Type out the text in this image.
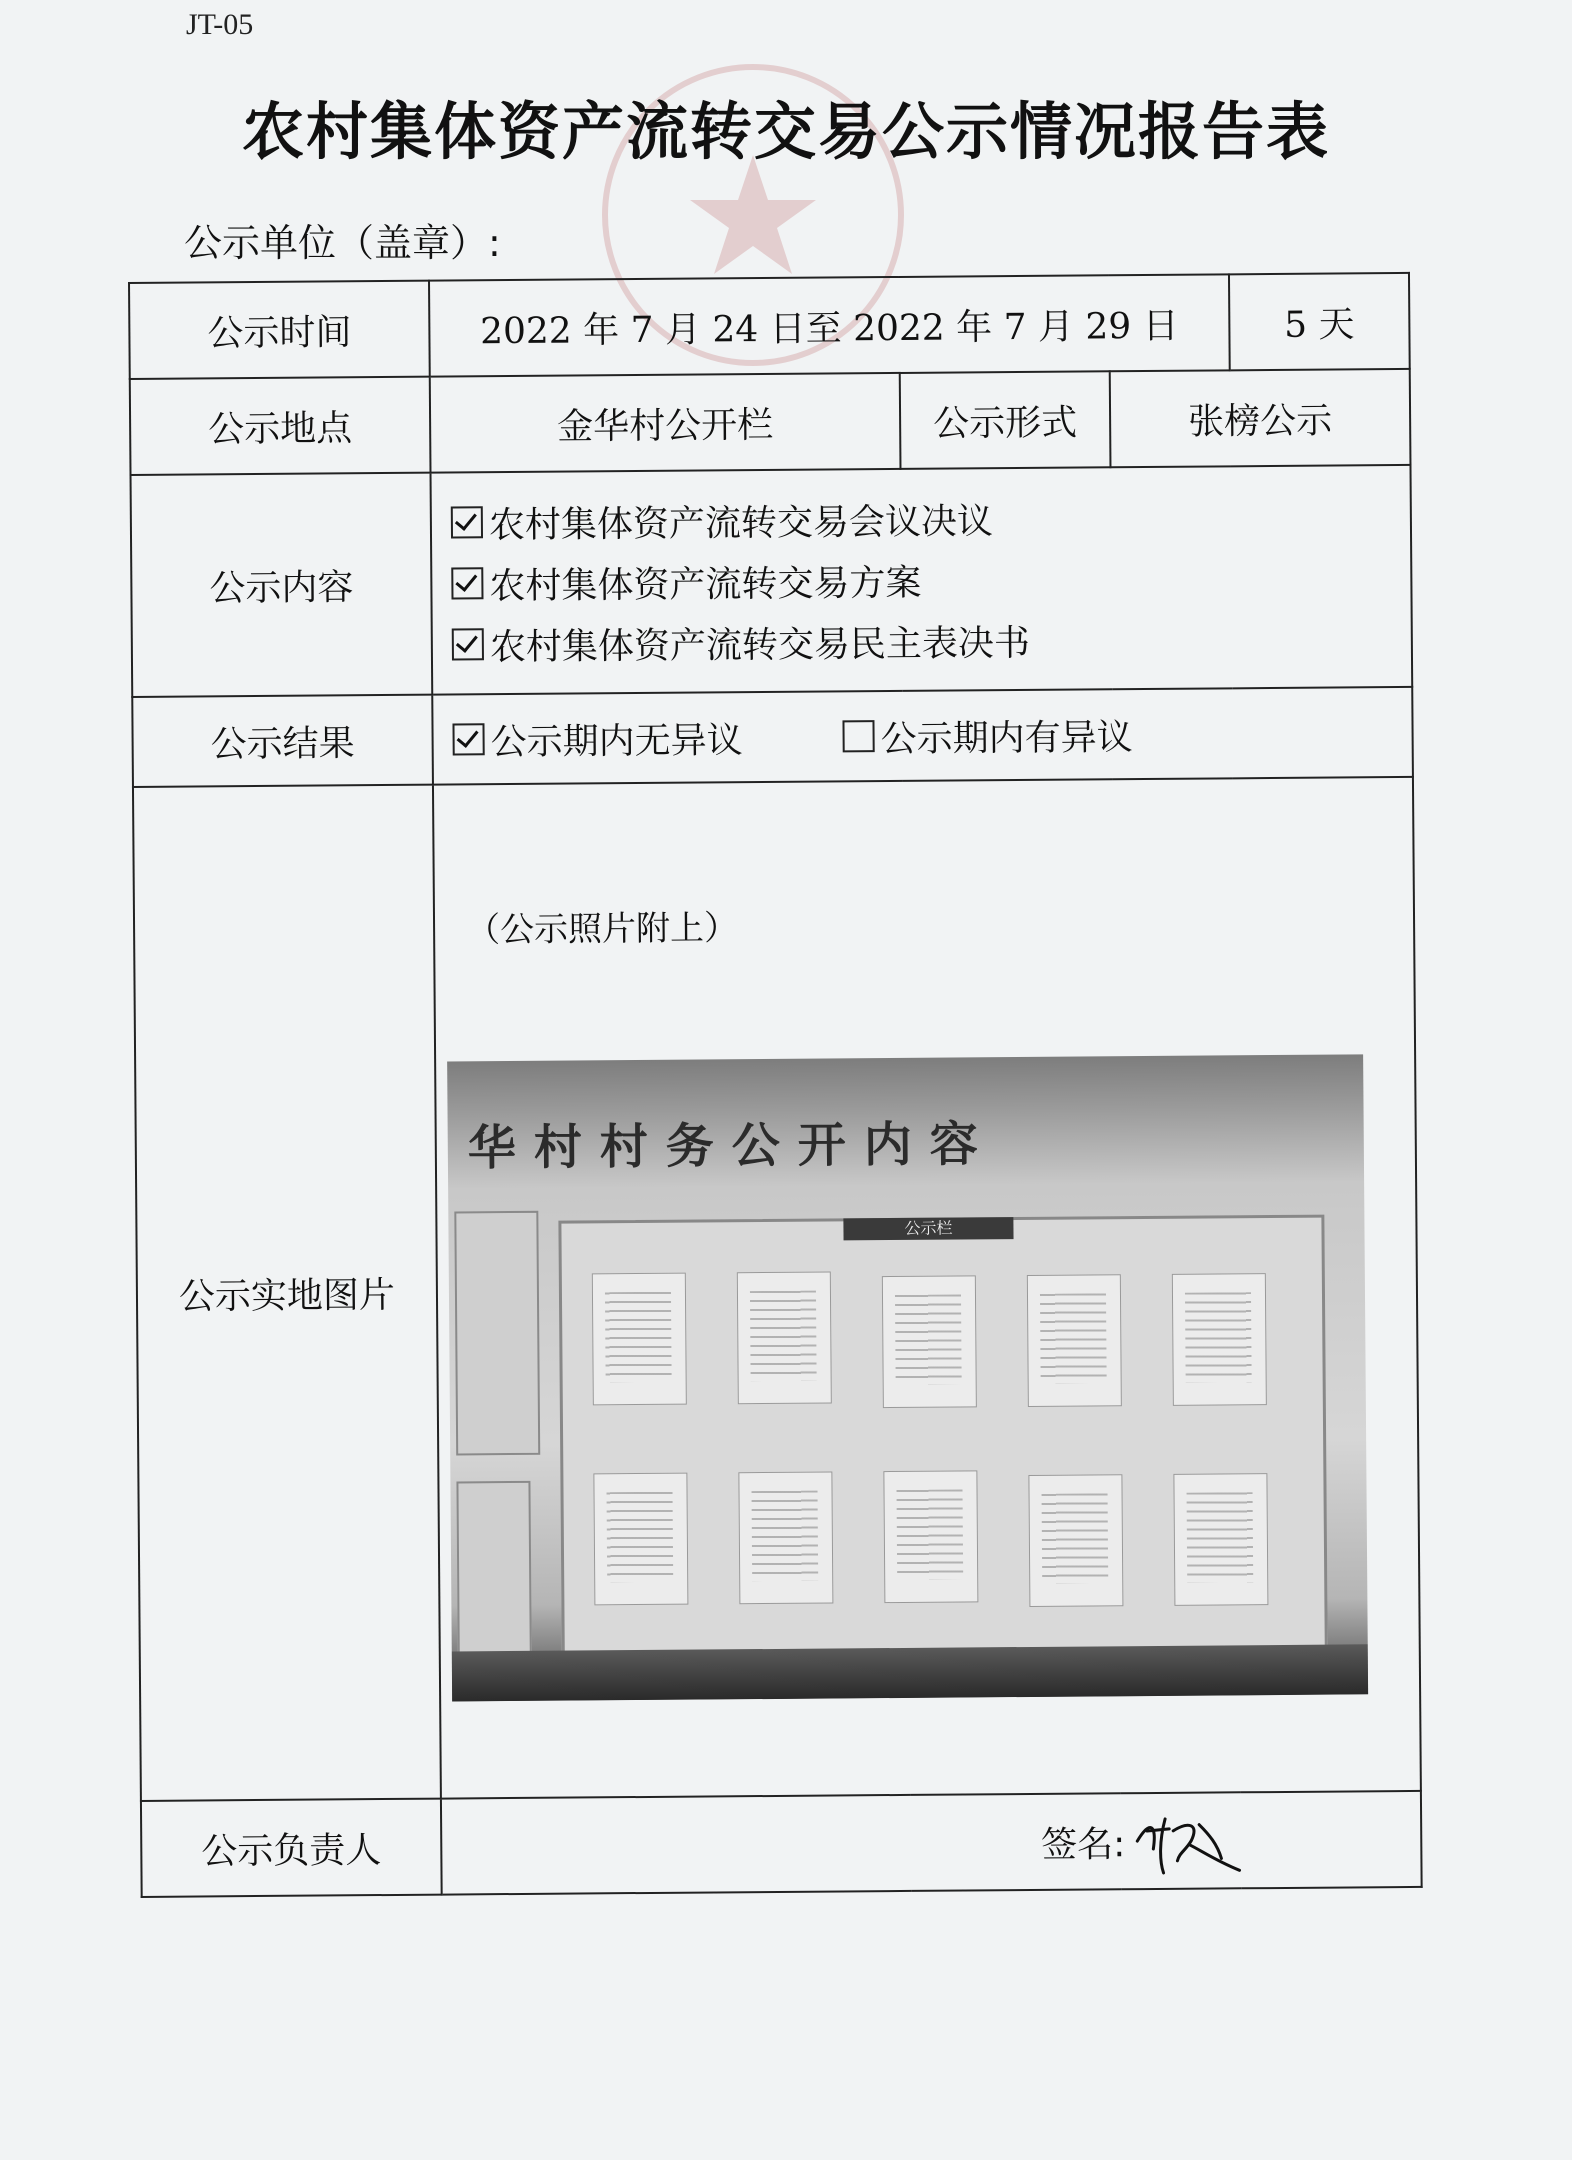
JT-05
农村集体资产流转交易公示情况报告表
公示单位（盖章）:
公示时间	2022 年 7 月 24 日至 2022 年 7 月 29 日			5 天
公示地点	金华村公开栏	公示形式	张榜公示	
公示内容	农村集体资产流转交易会议决议
农村集体资产流转交易方案
农村集体资产流转交易民主表决书			

公示结果	公示期内无异议 公示期内有异议			

公示实地图片	（公示照片附上）
华村村务公开内容
公示栏			

公示负责人	签名:			
